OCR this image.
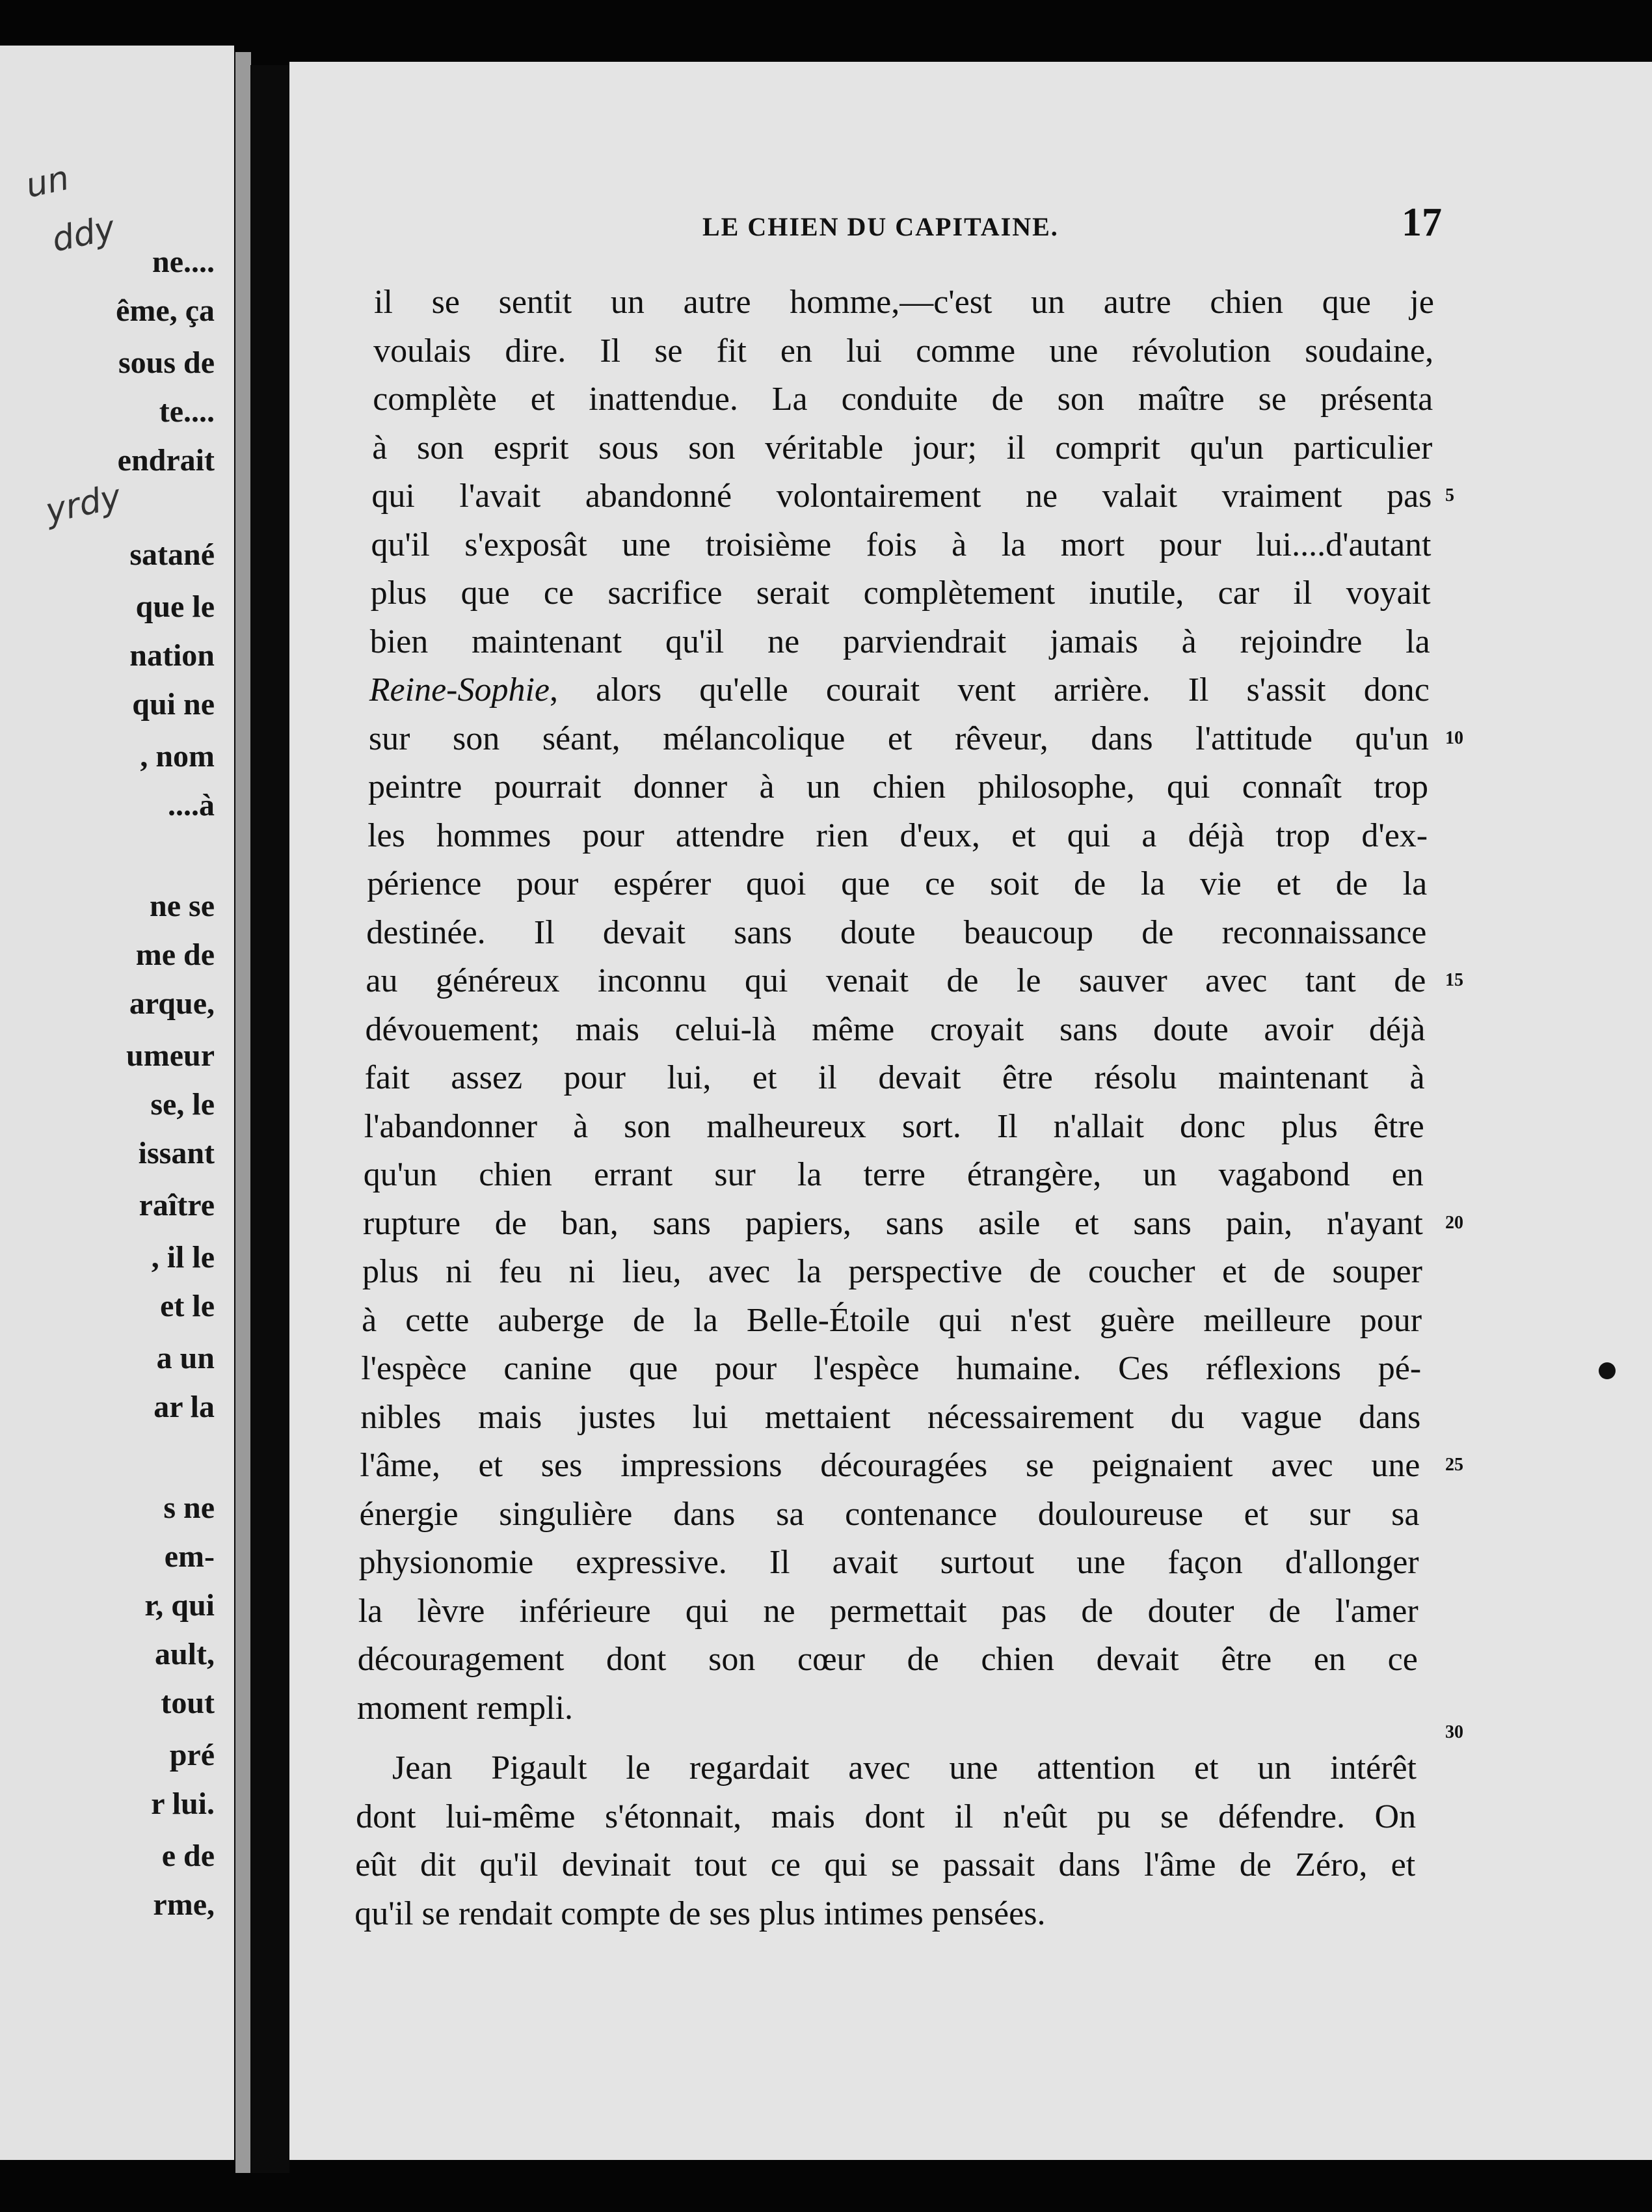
ne....
ême, ça
sous de
te....
endrait
satané
que le
nation
qui ne
, nom
....à
ne se
me de
arque,
umeur
se, le
issant
raître
, il le
et le
a un
ar la
s ne
em-
r, qui
ault,
tout
pré
r lui.
e de
rme,
un
ddy
yrdy
LE CHIEN DU CAPITAINE.	17
il se sentit un autre homme,—c'est un autre chien que je
voulais dire. Il se fit en lui comme une révolution soudaine,
complète et inattendue. La conduite de son maître se présenta
à son esprit sous son véritable jour; il comprit qu'un particulier
qui l'avait abandonné volontairement ne valait vraiment pas
qu'il s'exposât une troisième fois à la mort pour lui....d'autant
plus que ce sacrifice serait complètement inutile, car il voyait
bien maintenant qu'il ne parviendrait jamais à rejoindre la
Reine-Sophie, alors qu'elle courait vent arrière. Il s'assit donc
sur son séant, mélancolique et rêveur, dans l'attitude qu'un
peintre pourrait donner à un chien philosophe, qui connaît trop
les hommes pour attendre rien d'eux, et qui a déjà trop d'ex-
périence pour espérer quoi que ce soit de la vie et de la
destinée. Il devait sans doute beaucoup de reconnaissance
au généreux inconnu qui venait de le sauver avec tant de
dévouement; mais celui-là même croyait sans doute avoir déjà
fait assez pour lui, et il devait être résolu maintenant à
l'abandonner à son malheureux sort. Il n'allait donc plus être
qu'un chien errant sur la terre étrangère, un vagabond en
rupture de ban, sans papiers, sans asile et sans pain, n'ayant
plus ni feu ni lieu, avec la perspective de coucher et de souper
à cette auberge de la Belle-Étoile qui n'est guère meilleure pour
l'espèce canine que pour l'espèce humaine. Ces réflexions pé-
nibles mais justes lui mettaient nécessairement du vague dans
l'âme, et ses impressions découragées se peignaient avec une
énergie singulière dans sa contenance douloureuse et sur sa
physionomie expressive. Il avait surtout une façon d'allonger
la lèvre inférieure qui ne permettait pas de douter de l'amer
découragement dont son cœur de chien devait être en ce
moment rempli.
Jean Pigault le regardait avec une attention et un intérêt
dont lui-même s'étonnait, mais dont il n'eût pu se défendre. On
eût dit qu'il devinait tout ce qui se passait dans l'âme de Zéro, et
qu'il se rendait compte de ses plus intimes pensées.
5
10
15
20
25
30
